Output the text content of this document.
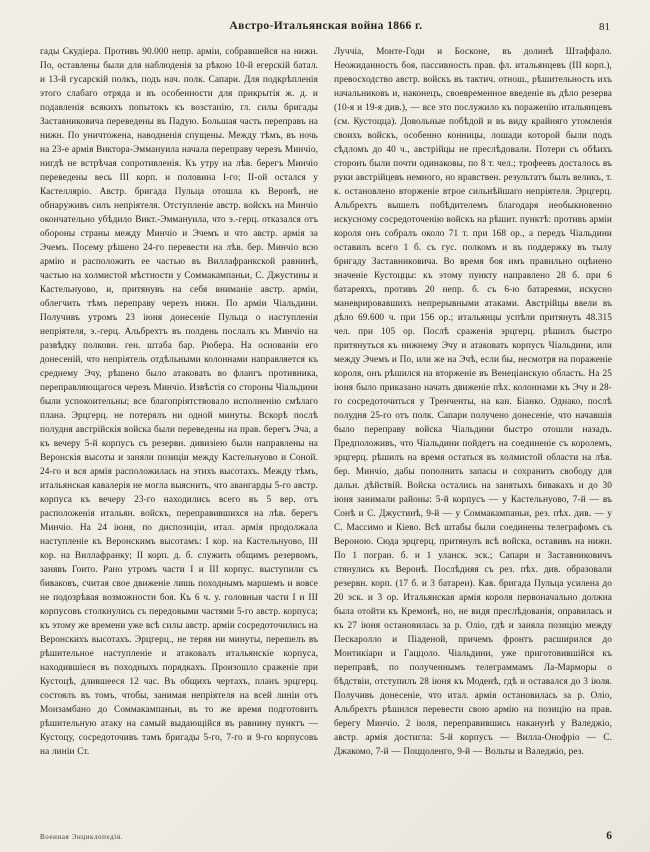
Австро-Итальянская война 1866 г.	81
гады Скудіера. Противъ 90.000 непр. арміи, собравшейся на нижн. По, оставлены были для наблюденія за рѣкою 10-й егерскій батал. и 13-й гусарскій полкъ, подъ нач. полк. Сапари. Для подкрѣпленія этого слабаго отряда и въ особенности для прикрытія ж. д. и подавленія всякихъ попытокъ къ возстанію, гл. силы бригады Заставниковича переведены въ Падую. Большая часть переправъ на нижн. По уничтожена, наводненія спущены. Между тѣмъ, въ ночь на 23-е армія Виктора-Эммануила начала переправу черезъ Минчіо, нигдѣ не встрѣчая сопротивленія. Къ утру на лѣв. берегъ Минчіо переведены весь III корп. и половина I-го; II-ой остался у Кастелляріо. Австр. бригада Пульца отошла къ Веронѣ, не обнаруживъ силъ непріятеля. Отступленіе австр. войскъ на Минчіо окончательно убѣдило Викт.-Эммануила, что э.-герц. отказался отъ обороны страны между Минчіо и Эчемъ и что австр. армія за Эчемъ. Посему рѣшено 24-го перевести на лѣв. бер. Минчіо всю армію и расположить ее частью въ Виллафранкской равнинѣ, частью на холмистой мѣстности у Соммакампаньи, С. Джустины и Кастельнуово, и, притянувъ на себя вниманіе австр. арміи, облегчить тѣмъ переправу черезъ нижн. По арміи Чіальдини. Получивъ утромъ 23 іюня донесеніе Пульца о наступленіи непріятеля, э.-герц. Альбрехтъ въ полдень послалъ къ Минчіо на развѣдку полковн. ген. штаба бар. Рюбера. На основаніи его донесеній, что непріятель отдѣльными колоннами направляется къ среднему Эчу, рѣшено было атаковать во флангъ противника, переправляющагося черезъ Минчіо. Извѣстія со стороны Чіальдини были успокоительны; все благопріятствовало исполненію смѣлаго плана. Эрцгерц. не потерялъ ни одной минуты. Вскорѣ послѣ полудня австрійскія войска были переведены на прав. берегъ Эча, а къ вечеру 5-й корпусъ съ резервн. дивизіею были направлены на Веронскія высоты и заняли позиціи между Кастельнуово и Соной. 24-го и вся армія расположилась на этихъ высотахъ. Между тѣмъ, итальянская кавалерія не могла выяснить, что авангарды 5-го австр. корпуса къ вечеру 23-го находились всего въ 5 вер. отъ расположенія итальян. войскъ, переправившихся на лѣв. берегъ Минчіо. На 24 іюня, по диспозиціи, итал. армія продолжала наступленіе къ Веронскимъ высотамъ: I кор. на Кастельнуово, III кор. на Виллафранку; II корп. д. б. служить общимъ резервомъ, занявъ Гоито. Рано утромъ части I и III корпус. выступили съ биваковъ, считая свое движеніе лишь походнымъ маршемъ и вовсе не подозрѣвая возможности боя. Къ 6 ч. у. головныя части I и III корпусовъ столкнулись съ передовыми частями 5-го австр. корпуса; къ этому же времени уже всѣ силы австр. арміи сосредоточились на Веронскихъ высотахъ. Эрцгерц., не теряя ни минуты, перешелъ въ рѣшительное наступленіе и атаковалъ итальянскіе корпуса, находившіеся въ походныхъ порядкахъ. Произошло сраженіе при Кустоцѣ, длившееся 12 час. Въ общихъ чертахъ, планъ эрцгерц. состоялъ въ томъ, чтобы, занимая непріятеля на всей линіи отъ Монзамбано до Соммакампаньи, въ то же время подготовить рѣшительную атаку на самый выдающійся въ равнину пунктъ — Кустоцу, сосредоточивъ тамъ бригады 5-го, 7-го и 9-го корпусовъ на линіи Ст.
Луччіа, Монте-Годи и Босконе, въ долинѣ Штаффало. Неожиданность боя, пассивность прав. фл. итальянцевъ (III корп.), превосходство австр. войскъ въ тактич. отнош., рѣшительность ихъ начальниковъ и, наконецъ, своевременное введеніе въ дѣло резерва (10-я и 19-я див.), — все это послужило къ пораженію итальянцевъ (см. Кустоцца). Довольные побѣдой и въ виду крайняго утомленія своихъ войскъ, особенно конницы, лошади которой были подъ сѣдломъ до 40 ч., австрійцы не преслѣдовали. Потери съ обѣихъ сторонъ были почти одинаковы, по 8 т. чел.; трофеевъ досталось въ руки австрійцевъ немного, но нравствен. результатъ былъ великъ, т. к. остановлено вторженіе втрое сильнѣйшаго непріятеля. Эрцгерц. Альбрехтъ вышелъ побѣдителемъ благодаря необыкновенно искусному сосредоточенію войскъ на рѣшит. пунктѣ: противъ арміи короля онъ собралъ около 71 т. при 168 ор., а передъ Чіальдини оставилъ всего 1 б. съ гус. полкомъ и въ поддержку въ тылу бригаду Заставниковича. Во время боя имъ правильно оцѣнено значеніе Кустоццы: къ этому пункту направлено 28 б. при 6 батареяхъ, противъ 20 непр. б. съ 6-ю батареями, искусно маневрировавшихъ непрерывными атаками. Австрійцы ввели въ дѣло 69.600 ч. при 156 ор.; итальянцы успѣли притянуть 48.315 чел. при 105 ор. Послѣ сраженія эрцгерц. рѣшилъ быстро притянуться къ нижнему Эчу и атаковать корпусъ Чіальдини, или между Эчемъ и По, или же на Эчѣ, если бы, несмотря на пораженіе короля, онъ рѣшился на вторженіе въ Венеціанскую область. На 25 іюня было приказано начать движеніе пѣх. колоннами къ Эчу и 28-го сосредоточиться у Тренченты, на кан. Біанко. Однако, послѣ полудня 25-го отъ полк. Сапари получено донесеніе, что начавшія было переправу войска Чіальдини быстро отошли назадъ. Предположивъ, что Чіальдини пойдетъ на соединеніе съ королемъ, эрцгерц. рѣшилъ на время остаться въ холмистой области на лѣв. бер. Минчіо, дабы пополнить запасы и сохранить свободу для дальн. дѣйствій. Войска остались на занятыхъ бивакахъ и до 30 іюня занимали районы: 5-й корпусъ — у Кастельнуово, 7-й — въ Сонѣ и С. Джустинѣ, 9-й — у Соммакампаньи, рез. пѣх. див. — у С. Массимо и Кіево. Всѣ штабы были соединены телеграфомъ съ Вероною. Сюда эрцгерц. притянулъ всѣ войска, оставивъ на нижн. По 1 погран. б. и 1 уланск. эск.; Сапари и Заставниковичъ стянулись къ Веронѣ. Послѣдняя съ рез. пѣх. див. образовали резервн. корп. (17 б. и 3 батареи). Кав. бригада Пульца усилена до 20 эск. и 3 ор. Итальянская армія короля первоначально должна была отойти къ Кремонѣ, но, не видя преслѣдованія, оправилась и къ 27 іюня остановилась за р. Оліо, гдѣ и заняла позицію между Пескаролло и Піаденой, причемъ фронтъ расширился до Монтикіари и Гаццоло. Чіальдини, уже приготовившійся къ переправѣ, по полученнымъ телеграммамъ Ла-Марморы о бѣдствіи, отступилъ 28 іюня къ Моденѣ, гдѣ и оставался до 3 іюля. Получивъ донесеніе, что итал. армія остановилась за р. Оліо, Альбрехтъ рѣшился перевести свою армію на позицію на прав. берегу Минчіо. 2 іюля, переправившись наканунѣ у Валеджіо, австр. армія достигла: 5-й корпусъ — Вилла-Онофріо — С. Джакомо, 7-й — Поццоленго, 9-й — Вольты и Валеджіо, рез.
Военная Энциклопедія.	6
